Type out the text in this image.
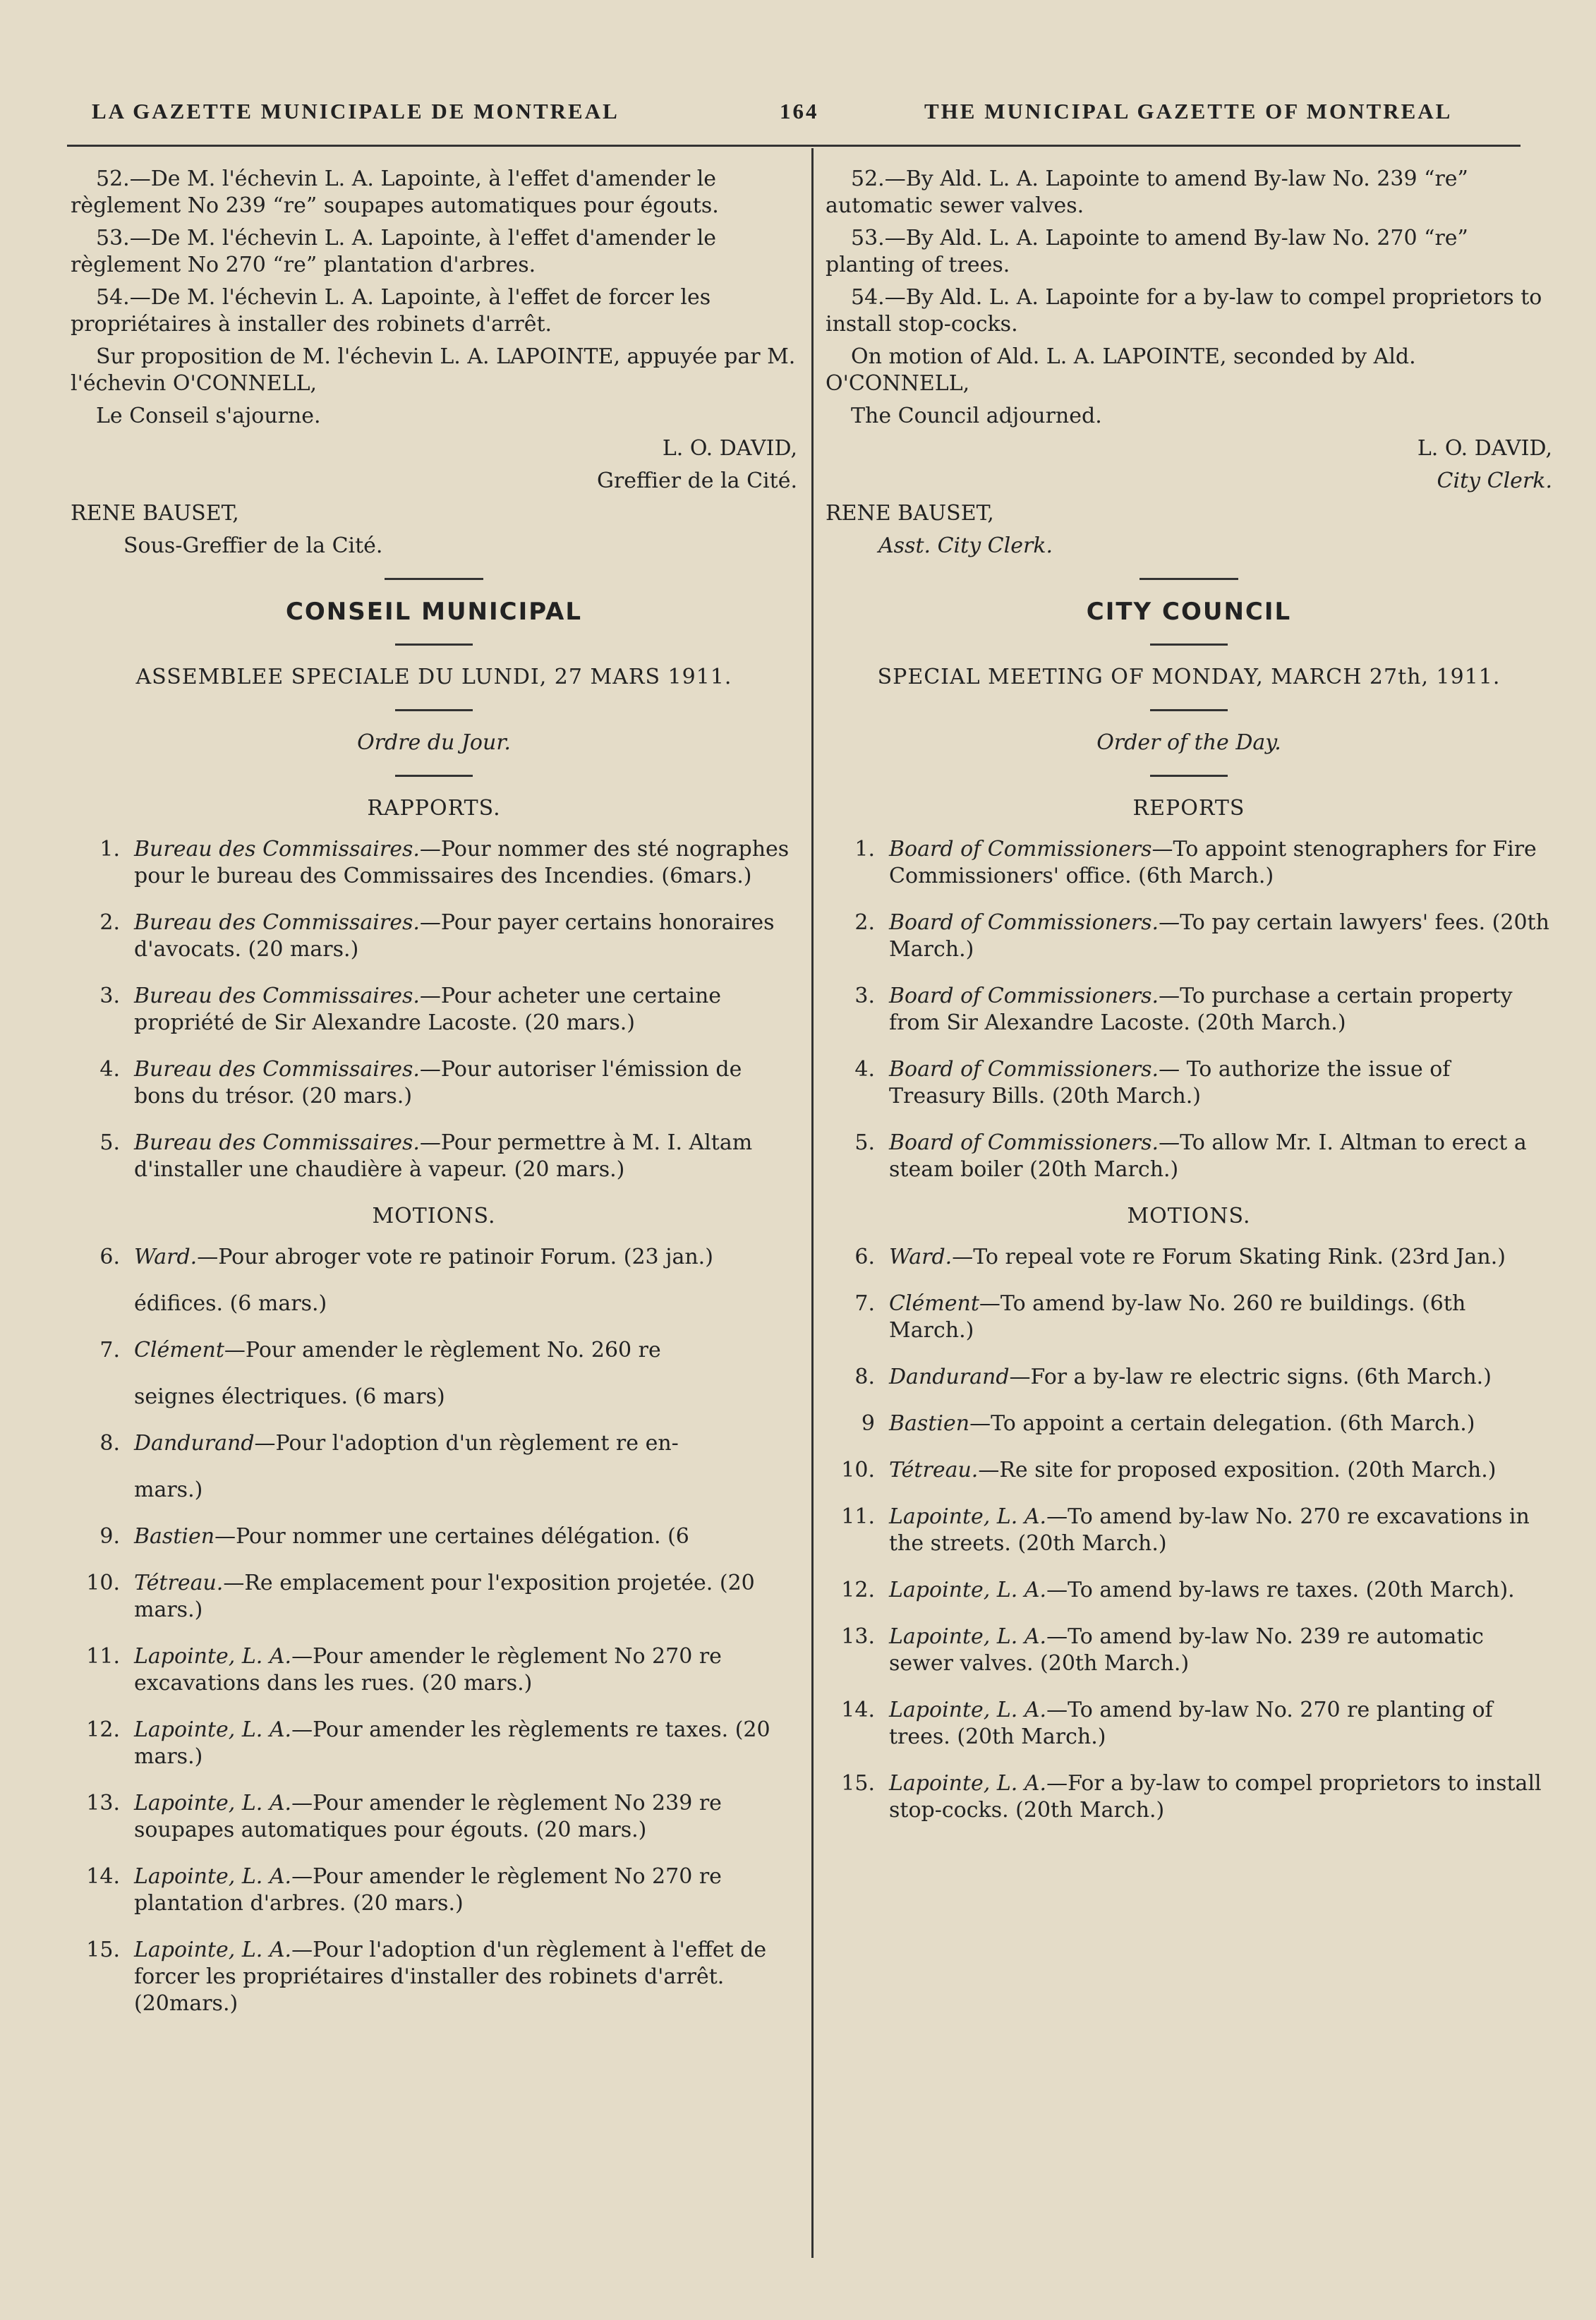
LA GAZETTE MUNICIPALE DE MONTREAL	164	THE MUNICIPAL GAZETTE OF MONTREAL

52.—De M. l'échevin L. A. Lapointe, à l'effet d'amender le règlement No 239 “re” soupapes automatiques pour égouts.

53.—De M. l'échevin L. A. Lapointe, à l'effet d'amender le règlement No 270 “re” plantation d'arbres.

54.—De M. l'échevin L. A. Lapointe, à l'effet de forcer les propriétaires à installer des robinets d'arrêt.

Sur proposition de M. l'échevin L. A. LAPOINTE, appuyée par M. l'échevin O'CONNELL,

Le Conseil s'ajourne.

L. O. DAVID,

Greffier de la Cité.

RENE BAUSET,

Sous-Greffier de la Cité.

CONSEIL MUNICIPAL
ASSEMBLEE SPECIALE DU LUNDI, 27 MARS 1911.
Ordre du Jour.
RAPPORTS.
1. Bureau des Commissaires.—Pour nommer des sté nographes pour le bureau des Commissaires des Incendies. (6mars.)
2. Bureau des Commissaires.—Pour payer certains honoraires d'avocats. (20 mars.)
3. Bureau des Commissaires.—Pour acheter une certaine propriété de Sir Alexandre Lacoste. (20 mars.)
4. Bureau des Commissaires.—Pour autoriser l'émission de bons du trésor. (20 mars.)
5. Bureau des Commissaires.—Pour permettre à M. I. Altam d'installer une chaudière à vapeur. (20 mars.)
MOTIONS.
6. Ward.—Pour abroger vote re patinoir Forum. (23 jan.)
édifices. (6 mars.)
7. Clément—Pour amender le règlement No. 260 re
seignes électriques. (6 mars)
8. Dandurand—Pour l'adoption d'un règlement re en-
mars.)
9. Bastien—Pour nommer une certaines délégation. (6
10. Tétreau.—Re emplacement pour l'exposition projetée. (20 mars.)
11. Lapointe, L. A.—Pour amender le règlement No 270 re excavations dans les rues. (20 mars.)
12. Lapointe, L. A.—Pour amender les règlements re taxes. (20 mars.)
13. Lapointe, L. A.—Pour amender le règlement No 239 re soupapes automatiques pour égouts. (20 mars.)
14. Lapointe, L. A.—Pour amender le règlement No 270 re plantation d'arbres. (20 mars.)
15. Lapointe, L. A.—Pour l'adoption d'un règlement à l'effet de forcer les propriétaires d'installer des robinets d'arrêt. (20mars.)

52.—By Ald. L. A. Lapointe to amend By-law No. 239 “re” automatic sewer valves.

53.—By Ald. L. A. Lapointe to amend By-law No. 270 “re” planting of trees.

54.—By Ald. L. A. Lapointe for a by-law to compel proprietors to install stop-cocks.

On motion of Ald. L. A. LAPOINTE, seconded by Ald. O'CONNELL,

The Council adjourned.

L. O. DAVID,

City Clerk.

RENE BAUSET,

Asst. City Clerk.

CITY COUNCIL
SPECIAL MEETING OF MONDAY, MARCH 27th, 1911.
Order of the Day.
REPORTS
1. Board of Commissioners—To appoint stenographers for Fire Commissioners' office. (6th March.)
2. Board of Commissioners.—To pay certain lawyers' fees. (20th March.)
3. Board of Commissioners.—To purchase a certain property from Sir Alexandre Lacoste. (20th March.)
4. Board of Commissioners.— To authorize the issue of Treasury Bills. (20th March.)
5. Board of Commissioners.—To allow Mr. I. Altman to erect a steam boiler (20th March.)
MOTIONS.
6. Ward.—To repeal vote re Forum Skating Rink. (23rd Jan.)
7. Clément—To amend by-law No. 260 re buildings. (6th March.)
8. Dandurand—For a by-law re electric signs. (6th March.)
9 Bastien—To appoint a certain delegation. (6th March.)
10. Tétreau.—Re site for proposed exposition. (20th March.)
11. Lapointe, L. A.—To amend by-law No. 270 re excavations in the streets. (20th March.)
12. Lapointe, L. A.—To amend by-laws re taxes. (20th March).
13. Lapointe, L. A.—To amend by-law No. 239 re automatic sewer valves. (20th March.)
14. Lapointe, L. A.—To amend by-law No. 270 re planting of trees. (20th March.)
15. Lapointe, L. A.—For a by-law to compel proprietors to install stop-cocks. (20th March.)
